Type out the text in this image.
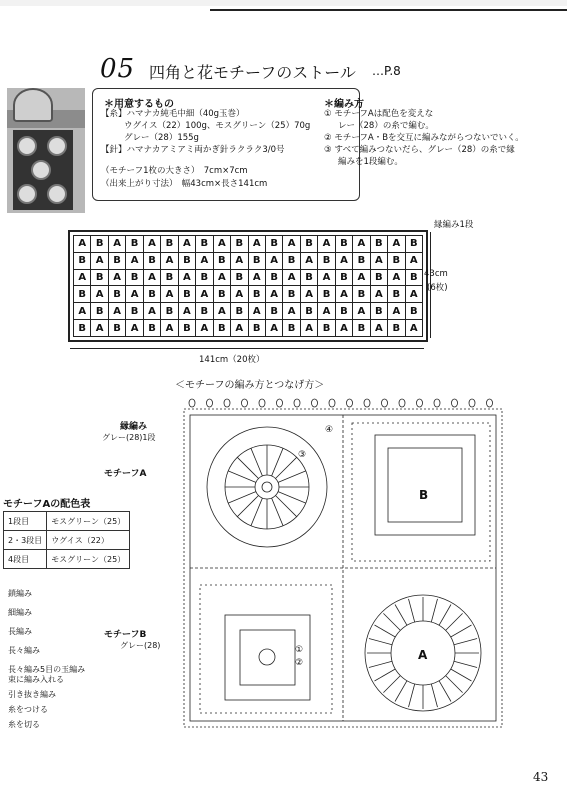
05 四角と花モチーフのストール …P.8
＊用意するもの
【糸】ハマナカ純毛中細（40g玉巻）
ウグイス（22）100g、モスグリーン（25）70g
グレー（28）155g
【針】ハマナカアミアミ両かぎ針ラクラク3/0号
（モチーフ1枚の大きさ）　7cm×7cm
（出来上がり寸法）　幅43cm×長さ141cm
＊編み方
① モチーフAは配色を変えな
レー（28）の糸で編む。
② モチーフA・Bを交互に編みながらつないでいく。
③ すべて編みつないだら、グレー（28）の糸で縁
編みを1段編む。
縁編み1段
A B A B A B A B A B A B A B A B A B A B
B A B A B A B A B A B A B A B A B A B A
A B A B A B A B A B A B A B A B A B A B
B A B A B A B A B A B A B A B A B A B A
A B A B A B A B A B A B A B A B A B A B
B A B A B A B A B A B A B A B A B A B A
43cm
(6枚)
141cm（20枚）
＜モチーフの編み方とつなげ方＞
縁編み
グレー(28)1段
モチーフA
モチーフB
グレー(28)
B
A
③
④
①
②
モチーフAの配色表
1段目	モスグリーン（25）
2・3段目	ウグイス（22）
4段目	モスグリーン（25）
鎖編み
細編み
長編み
長々編み
長々編み5目の玉編み
束に編み入れる
引き抜き編み
糸をつける
糸を切る
43
